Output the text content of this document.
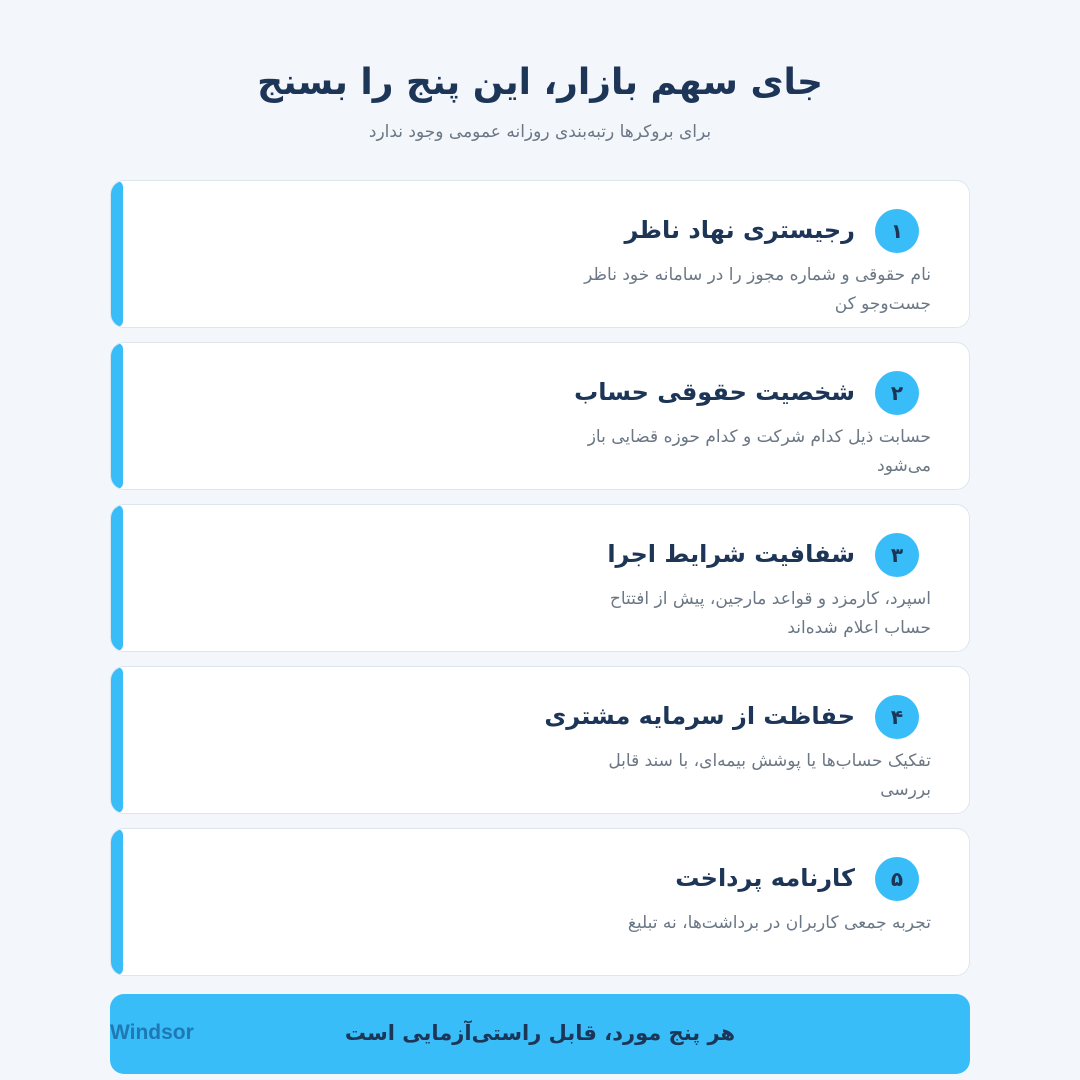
جای سهم بازار، این پنج را بسنج

برای بروکرها رتبه‌بندی روزانه عمومی وجود ندارد

۱
رجیستری نهاد ناظر
نام حقوقی و شماره مجوز را در سامانه خود ناظر جست‌وجو کن
۲
شخصیت حقوقی حساب
حسابت ذیل کدام شرکت و کدام حوزه قضایی باز می‌شود
۳
شفافیت شرایط اجرا
اسپرد، کارمزد و قواعد مارجین، پیش از افتتاح حساب اعلام شده‌اند
۴
حفاظت از سرمایه مشتری
تفکیک حساب‌ها یا پوشش بیمه‌ای، با سند قابل بررسی
۵
کارنامه پرداخت
تجربه جمعی کاربران در برداشت‌ها، نه تبلیغ
هر پنج مورد، قابل راستی‌آزمایی است
Windsor
